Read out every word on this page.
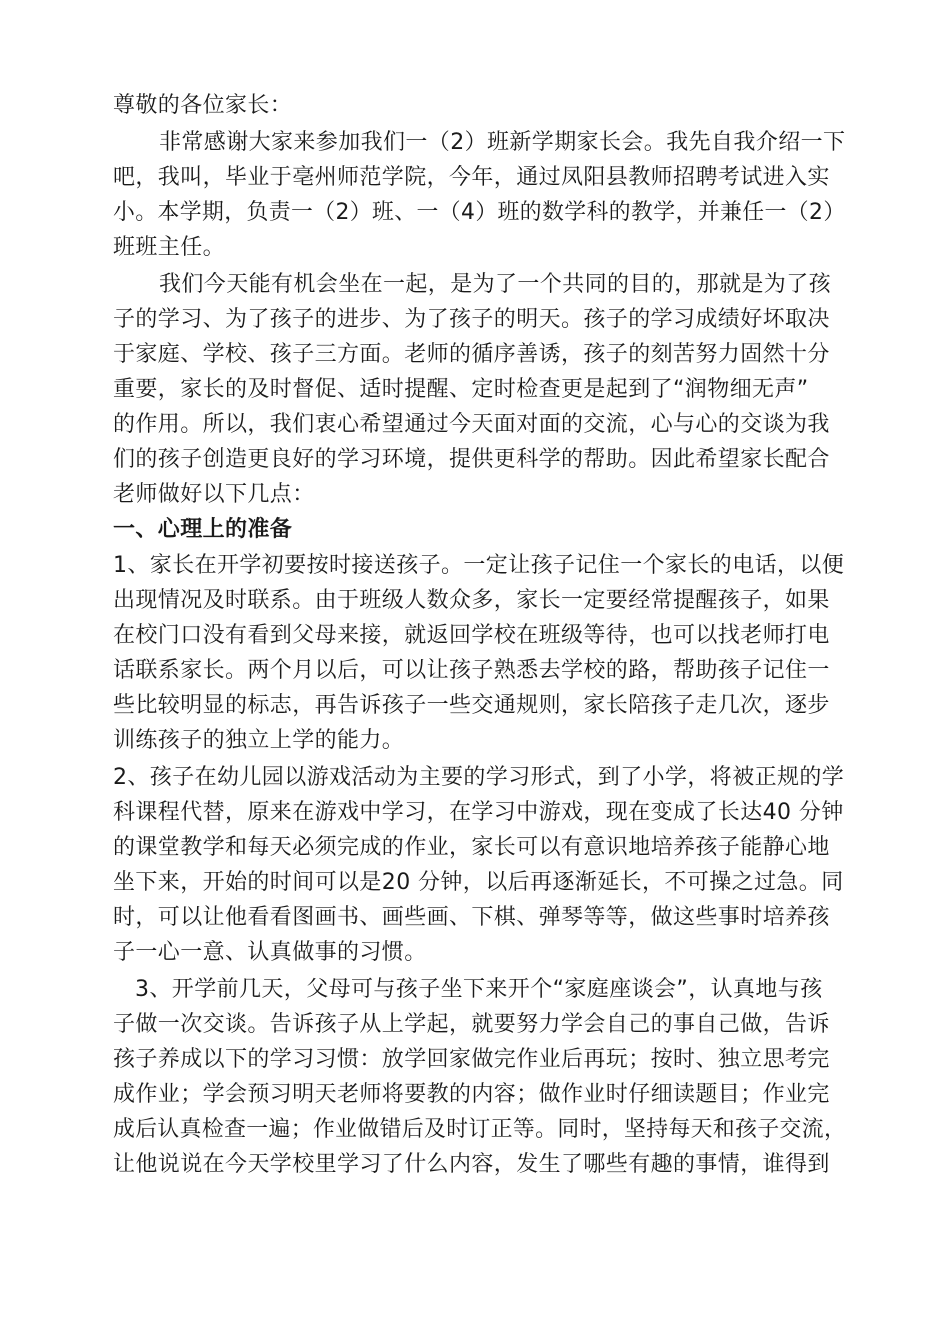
尊敬的各位家长：
非常感谢大家来参加我们一（2）班新学期家长会。我先自我介绍一下
吧，我叫，毕业于亳州师范学院，今年，通过凤阳县教师招聘考试进入实
小。本学期，负责一（2）班、一（4）班的数学科的教学，并兼任一（2）
班班主任。
我们今天能有机会坐在一起，是为了一个共同的目的，那就是为了孩
子的学习、为了孩子的进步、为了孩子的明天。孩子的学习成绩好坏取决
于家庭、学校、孩子三方面。老师的循序善诱，孩子的刻苦努力固然十分
重要，家长的及时督促、适时提醒、定时检查更是起到了“润物细无声”
的作用。所以，我们衷心希望通过今天面对面的交流，心与心的交谈为我
们的孩子创造更良好的学习环境，提供更科学的帮助。因此希望家长配合
老师做好以下几点：
一、心理上的准备
1、家长在开学初要按时接送孩子。一定让孩子记住一个家长的电话，以便
出现情况及时联系。由于班级人数众多，家长一定要经常提醒孩子，如果
在校门口没有看到父母来接，就返回学校在班级等待，也可以找老师打电
话联系家长。两个月以后，可以让孩子熟悉去学校的路，帮助孩子记住一
些比较明显的标志，再告诉孩子一些交通规则，家长陪孩子走几次，逐步
训练孩子的独立上学的能力。
2、孩子在幼儿园以游戏活动为主要的学习形式，到了小学，将被正规的学
科课程代替，原来在游戏中学习，在学习中游戏，现在变成了长达40 分钟
的课堂教学和每天必须完成的作业，家长可以有意识地培养孩子能静心地
坐下来，开始的时间可以是20 分钟，以后再逐渐延长，不可操之过急。同
时，可以让他看看图画书、画些画、下棋、弹琴等等，做这些事时培养孩
子一心一意、认真做事的习惯。
3、开学前几天，父母可与孩子坐下来开个“家庭座谈会”，认真地与孩
子做一次交谈。告诉孩子从上学起，就要努力学会自己的事自己做，告诉
孩子养成以下的学习习惯：放学回家做完作业后再玩；按时、独立思考完
成作业；学会预习明天老师将要教的内容；做作业时仔细读题目；作业完
成后认真检查一遍；作业做错后及时订正等。同时，坚持每天和孩子交流，
让他说说在今天学校里学习了什么内容，发生了哪些有趣的事情，谁得到
